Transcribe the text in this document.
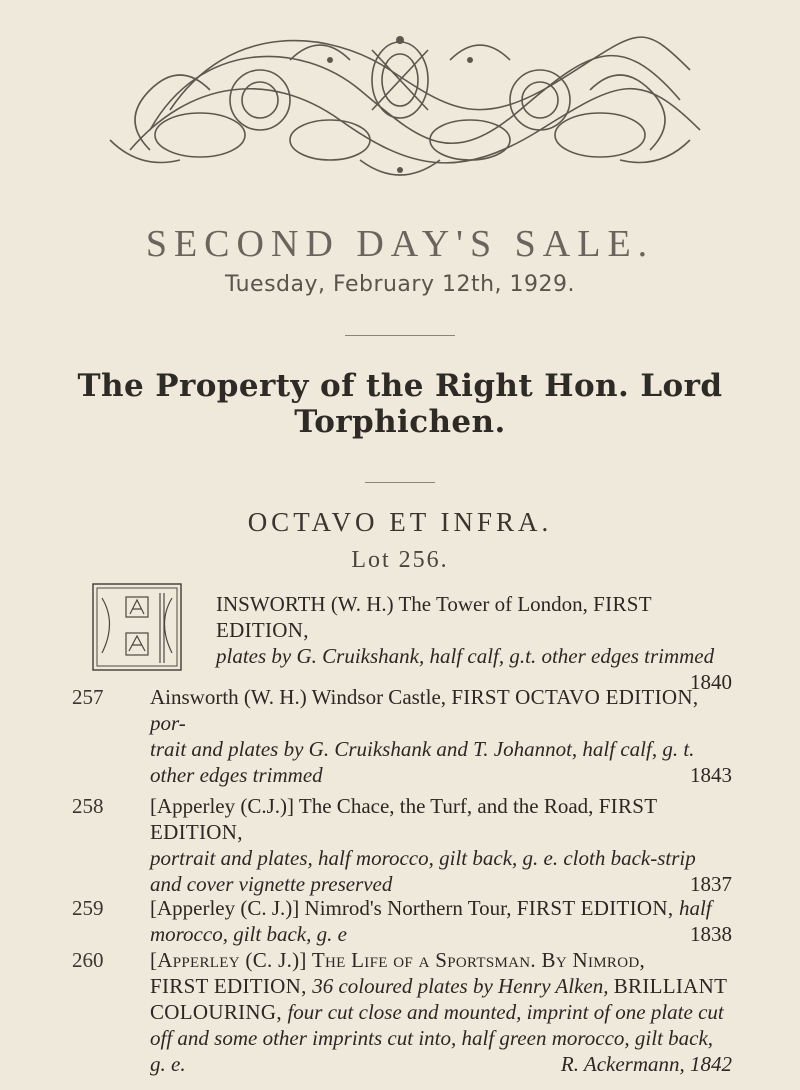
SECOND DAY'S SALE.
Tuesday, February 12th, 1929.
The Property of the Right Hon. Lord Torphichen.
OCTAVO ET INFRA.
Lot 256.
INSWORTH (W. H.) The Tower of London, FIRST EDITION,
plates by G. Cruikshank, half calf, g.t. other edges trimmed
1840
257	Ainsworth (W. H.) Windsor Castle, FIRST OCTAVO EDITION, por-
trait and plates by G. Cruikshank and T. Johannot, half calf, g. t.
other edges trimmed	1843
258	[Apperley (C.J.)] The Chace, the Turf, and the Road, FIRST EDITION,
portrait and plates, half morocco, gilt back, g. e. cloth back-strip
and cover vignette preserved	1837
259	[Apperley (C. J.)] Nimrod's Northern Tour, FIRST EDITION, half
morocco, gilt back, g. e	1838
260	[Apperley (C. J.)] The Life of a Sportsman. By Nimrod,
FIRST EDITION, 36 coloured plates by Henry Alken, BRILLIANT
COLOURING, four cut close and mounted, imprint of one plate cut
off and some other imprints cut into, half green morocco, gilt back,
g. e.	R. Ackermann, 1842
